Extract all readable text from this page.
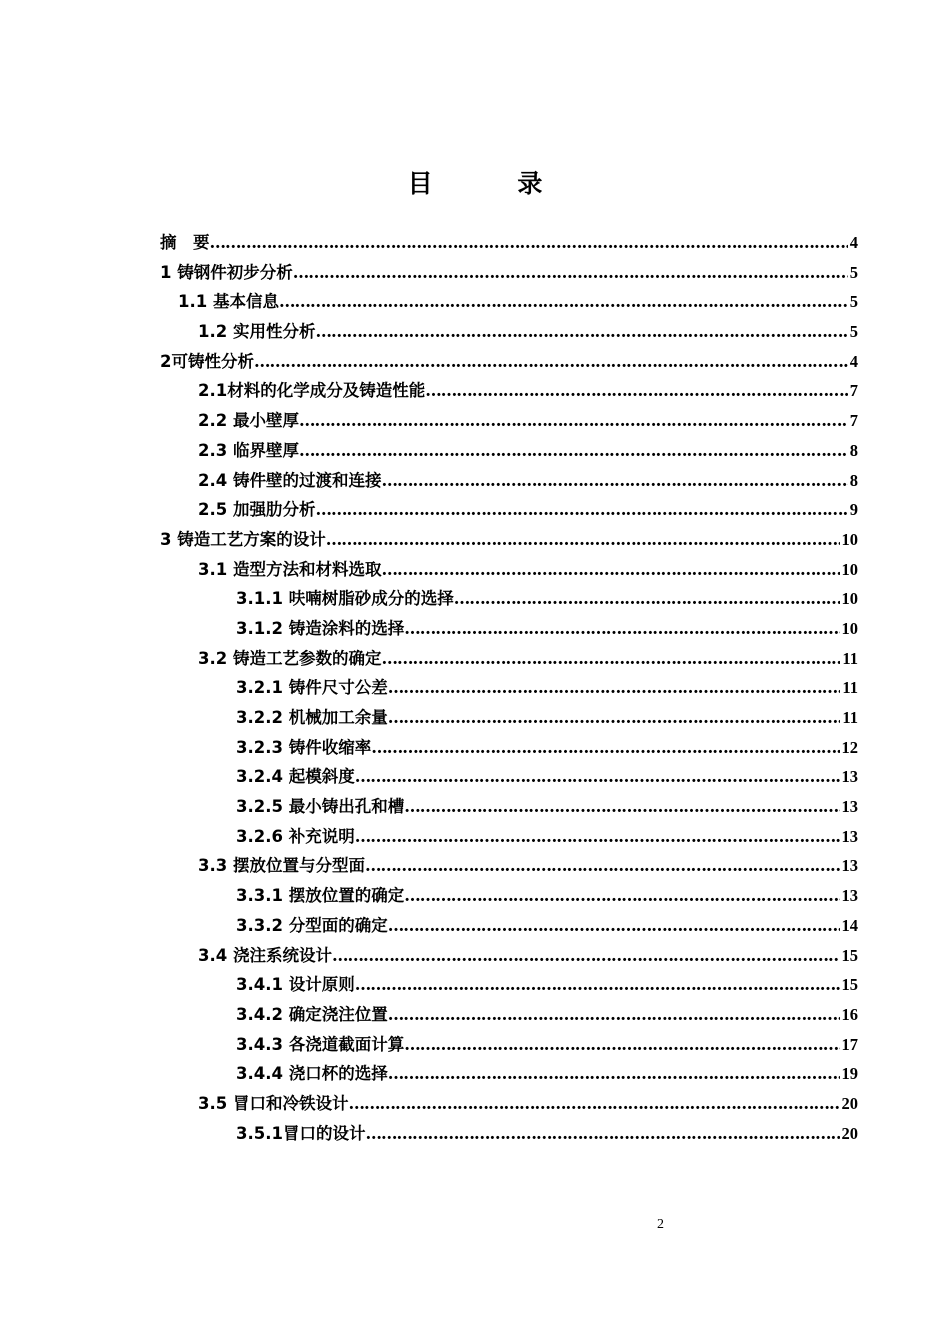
目 录
摘　要	4
…………………………………………………………………………………………………………………………………………………………………………………………………………
1 铸钢件初步分析	5
…………………………………………………………………………………………………………………………………………………………………………………………………………
1.1 基本信息	5
…………………………………………………………………………………………………………………………………………………………………………………………………………
1.2 实用性分析	5
…………………………………………………………………………………………………………………………………………………………………………………………………………
2可铸性分析	4
…………………………………………………………………………………………………………………………………………………………………………………………………………
2.1材料的化学成分及铸造性能	7
…………………………………………………………………………………………………………………………………………………………………………………………………………
2.2 最小壁厚	7
…………………………………………………………………………………………………………………………………………………………………………………………………………
2.3 临界壁厚	8
…………………………………………………………………………………………………………………………………………………………………………………………………………
2.4 铸件壁的过渡和连接	8
…………………………………………………………………………………………………………………………………………………………………………………………………………
2.5 加强肋分析	9
…………………………………………………………………………………………………………………………………………………………………………………………………………
3 铸造工艺方案的设计	10
…………………………………………………………………………………………………………………………………………………………………………………………………………
3.1 造型方法和材料选取	10
…………………………………………………………………………………………………………………………………………………………………………………………………………
3.1.1 呋喃树脂砂成分的选择	10
…………………………………………………………………………………………………………………………………………………………………………………………………………
3.1.2 铸造涂料的选择	10
…………………………………………………………………………………………………………………………………………………………………………………………………………
3.2 铸造工艺参数的确定	11
…………………………………………………………………………………………………………………………………………………………………………………………………………
3.2.1 铸件尺寸公差	11
…………………………………………………………………………………………………………………………………………………………………………………………………………
3.2.2 机械加工余量	11
…………………………………………………………………………………………………………………………………………………………………………………………………………
3.2.3 铸件收缩率	12
…………………………………………………………………………………………………………………………………………………………………………………………………………
3.2.4 起模斜度	13
…………………………………………………………………………………………………………………………………………………………………………………………………………
3.2.5 最小铸出孔和槽	13
…………………………………………………………………………………………………………………………………………………………………………………………………………
3.2.6 补充说明	13
…………………………………………………………………………………………………………………………………………………………………………………………………………
3.3 摆放位置与分型面	13
…………………………………………………………………………………………………………………………………………………………………………………………………………
3.3.1 摆放位置的确定	13
…………………………………………………………………………………………………………………………………………………………………………………………………………
3.3.2 分型面的确定	14
…………………………………………………………………………………………………………………………………………………………………………………………………………
3.4 浇注系统设计	15
…………………………………………………………………………………………………………………………………………………………………………………………………………
3.4.1 设计原则	15
…………………………………………………………………………………………………………………………………………………………………………………………………………
3.4.2 确定浇注位置	16
…………………………………………………………………………………………………………………………………………………………………………………………………………
3.4.3 各浇道截面计算	17
…………………………………………………………………………………………………………………………………………………………………………………………………………
3.4.4 浇口杯的选择	19
…………………………………………………………………………………………………………………………………………………………………………………………………………
3.5 冒口和冷铁设计	20
…………………………………………………………………………………………………………………………………………………………………………………………………………
3.5.1冒口的设计	20
…………………………………………………………………………………………………………………………………………………………………………………………………………
2
